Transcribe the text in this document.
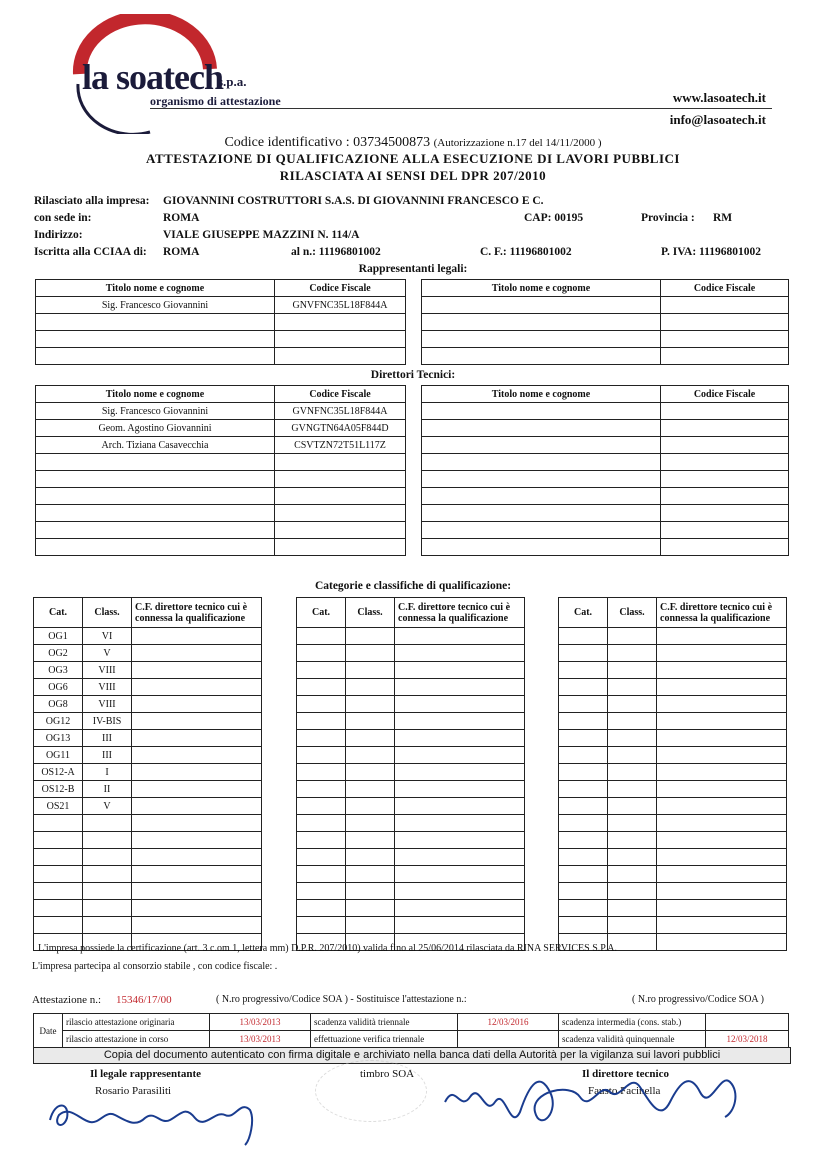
la soatech
s.p.a.
organismo di attestazione	www.lasoatech.it
info@lasoatech.it
Codice identificativo : 03734500873 (Autorizzazione n.17 del 14/11/2000 )
ATTESTAZIONE DI QUALIFICAZIONE ALLA ESECUZIONE DI LAVORI PUBBLICI
RILASCIATA AI SENSI DEL DPR 207/2010
Rilasciato alla impresa: GIOVANNINI COSTRUTTORI S.A.S. DI GIOVANNINI FRANCESCO E C.
con sede in:	ROMA	CAP: 00195	Provincia : RM
Indirizzo:	VIALE GIUSEPPE MAZZINI N. 114/A
Iscritta alla CCIAA di: ROMA	al n.: 11196801002	C. F.: 11196801002	P. IVA: 11196801002
Rappresentanti legali:
Titolo nome e cognome	Codice Fiscale
Sig. Francesco Giovannini	GNVFNC35L18F844A

Titolo nome e cognome	Codice Fiscale

Direttori Tecnici:
Titolo nome e cognome	Codice Fiscale
Sig. Francesco Giovannini	GVNFNC35L18F844A
Geom. Agostino Giovannini	GVNGTN64A05F844D
Arch. Tiziana Casavecchia	CSVTZN72T51L117Z

Titolo nome e cognome	Codice Fiscale

Categorie e classifiche di qualificazione:
Cat.	Class.	C.F. direttore tecnico cui è
connessa la qualificazione
OG1	VI	
OG2	V	
OG3	VIII	
OG6	VIII	
OG8	VIII	
OG12	IV-BIS	
OG13	III	
OG11	III	
OS12-A	I	
OS12-B	II	
OS21	V	

Cat.	Class.	C.F. direttore tecnico cui è
connessa la qualificazione

			Cat.	Class.	C.F. direttore tecnico cui è
connessa la qualificazione

L'impresa possiede la certificazione (art. 3 c.om 1, lettera mm) D.P.R. 207/2010) valida fino al 25/06/2014 rilasciata da RINA SERVICES S.P.A.
L'impresa partecipa al consorzio stabile , con codice fiscale: .
Attestazione n.: 15346/17/00	( N.ro progressivo/Codice SOA ) - Sostituisce l'attestazione n.:	( N.ro progressivo/Codice SOA )
Date	rilascio attestazione originaria	13/03/2013	scadenza validità triennale	12/03/2016	scadenza intermedia (cons. stab.)	
	rilascio attestazione in corso	13/03/2013	effettuazione verifica triennale		scadenza validità quinquennale	12/03/2018
Copia del documento autenticato con firma digitale e archiviato nella banca dati della Autorità per la vigilanza sui lavori pubblici
Il legale rappresentante
Rosario Parasiliti
timbro SOA	Il direttore tecnico
Fausto Facinella
